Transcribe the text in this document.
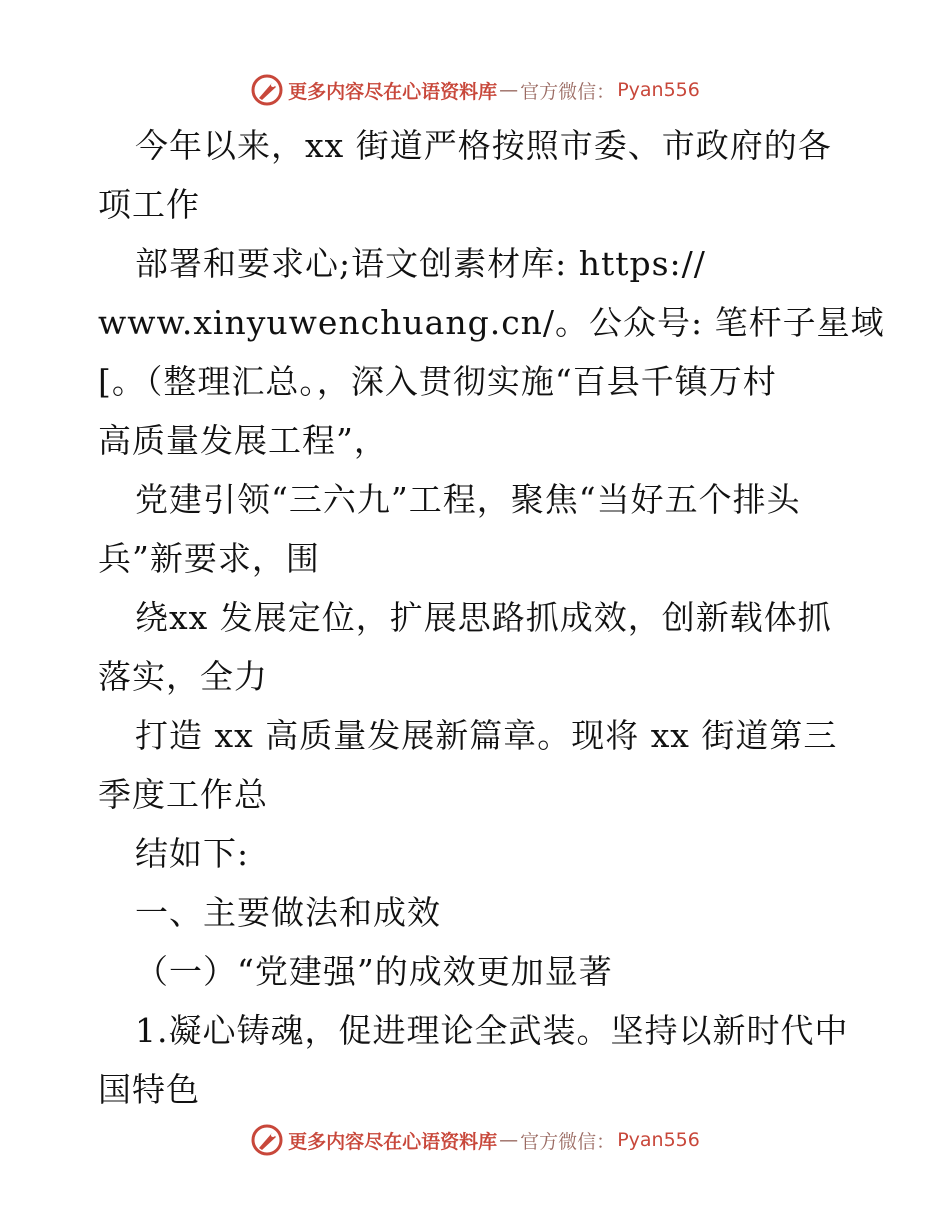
更多内容尽在心语资料库 — 官方微信： Pyan556
今年以来，xx 街道严格按照市委、市政府的各
项工作
部署和要求心;语文创素材库: https://
www.xinyuwenchuang.cn/。公众号: 笔杆子星域
[。（整理汇总。，深入贯彻实施“百县千镇万村
高质量发展工程”，
党建引领“三六九”工程，聚焦“当好五个排头
兵”新要求，围
绕xx 发展定位，扩展思路抓成效，创新载体抓
落实，全力
打造 xx 高质量发展新篇章。现将 xx 街道第三
季度工作总
结如下:
一、主要做法和成效
（一）“党建强”的成效更加显著
1.凝心铸魂，促进理论全武装。坚持以新时代中
国特色
更多内容尽在心语资料库 — 官方微信： Pyan556
